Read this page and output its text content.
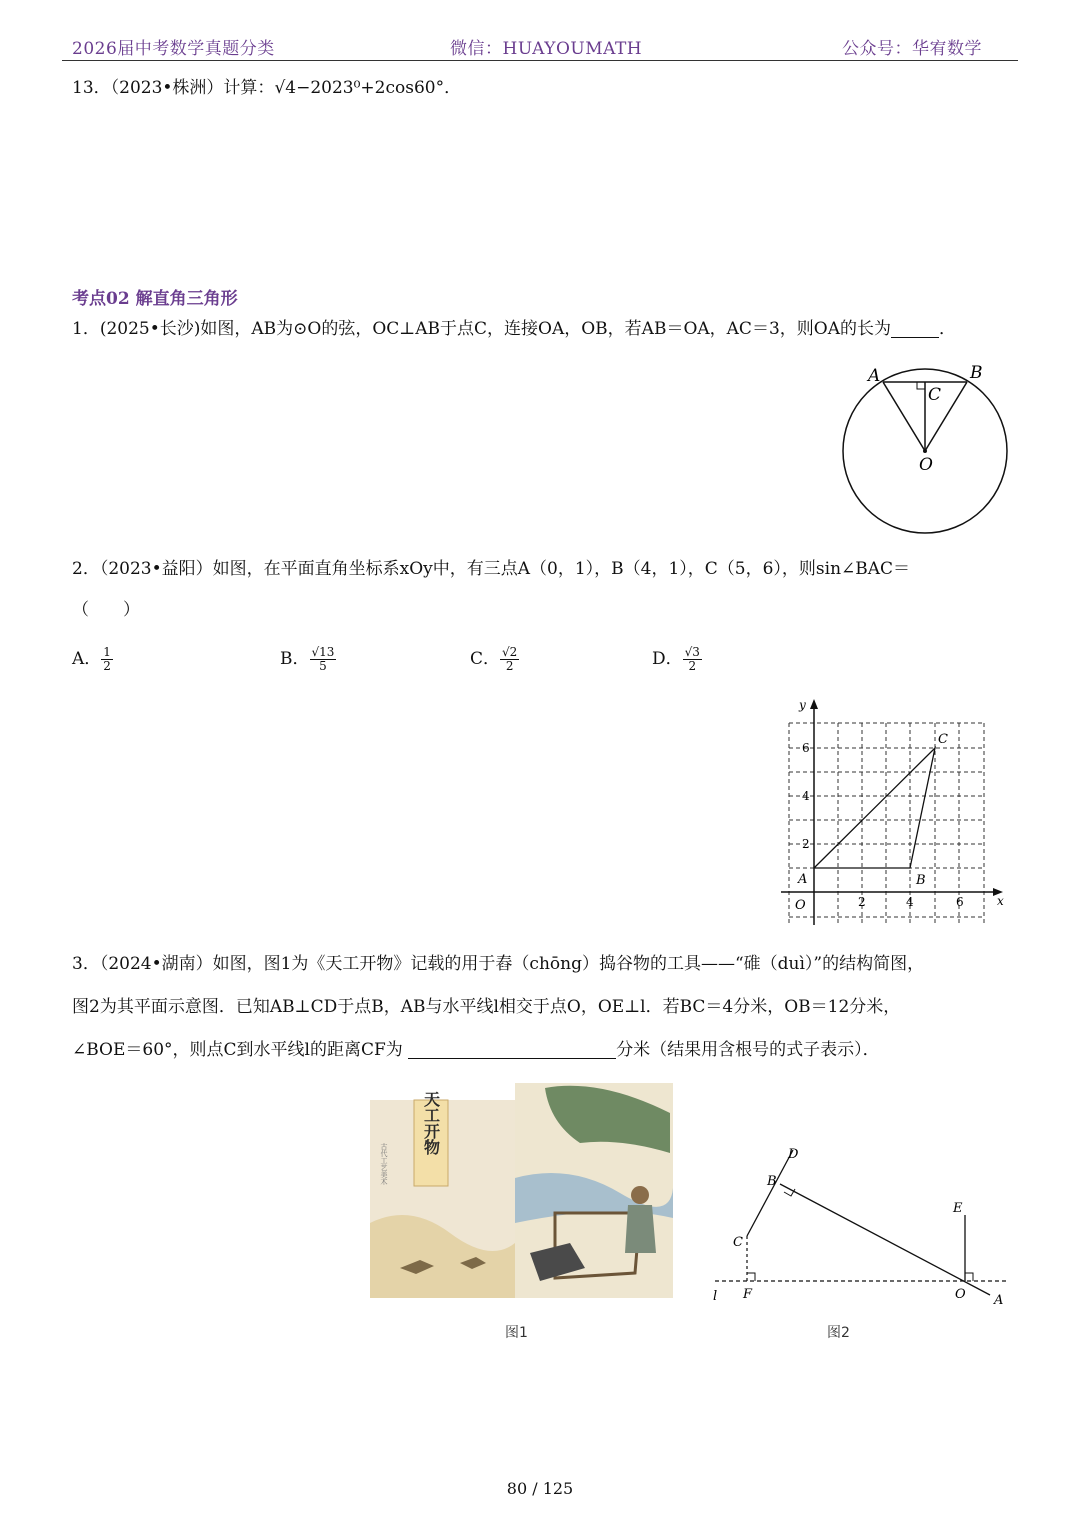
2026届中考数学真题分类	微信：HUAYOUMATH	公众号：华宥数学
13．（2023•株洲）计算：√4−2023⁰+2cos60°．
考点02 解直角三角形
1．(2025•长沙)如图，AB为⊙O的弦，OC⊥AB于点C，连接OA，OB，若AB＝OA，AC＝3，则OA的长为	．
A	B
C
O
2．（2023•益阳）如图，在平面直角坐标系xOy中，有三点A（0，1），B（4，1），C（5，6），则sin∠BAC＝
（　　）
A． $\frac{1}{2}$	B． $\frac{√13}{5}$	C． $\frac{√2}{2}$	D． $\frac{√3}{2}$
y
x
O
6
4
2
2	4	6
A	B
C
3．（2024•湖南）如图，图1为《天工开物》记载的用于舂（chōng）捣谷物的工具——“碓（duì）”的结构简图，
图2为其平面示意图．已知AB⊥CD于点B，AB与水平线l相交于点O，OE⊥l．若BC＝4分米，OB＝12分米，
∠BOE＝60°，则点C到水平线l的距离CF为	分米（结果用含根号的式子表示）．
天工开物
古代工艺美术
图1
D
B
C
E
l F	O A
图2
80 / 125
